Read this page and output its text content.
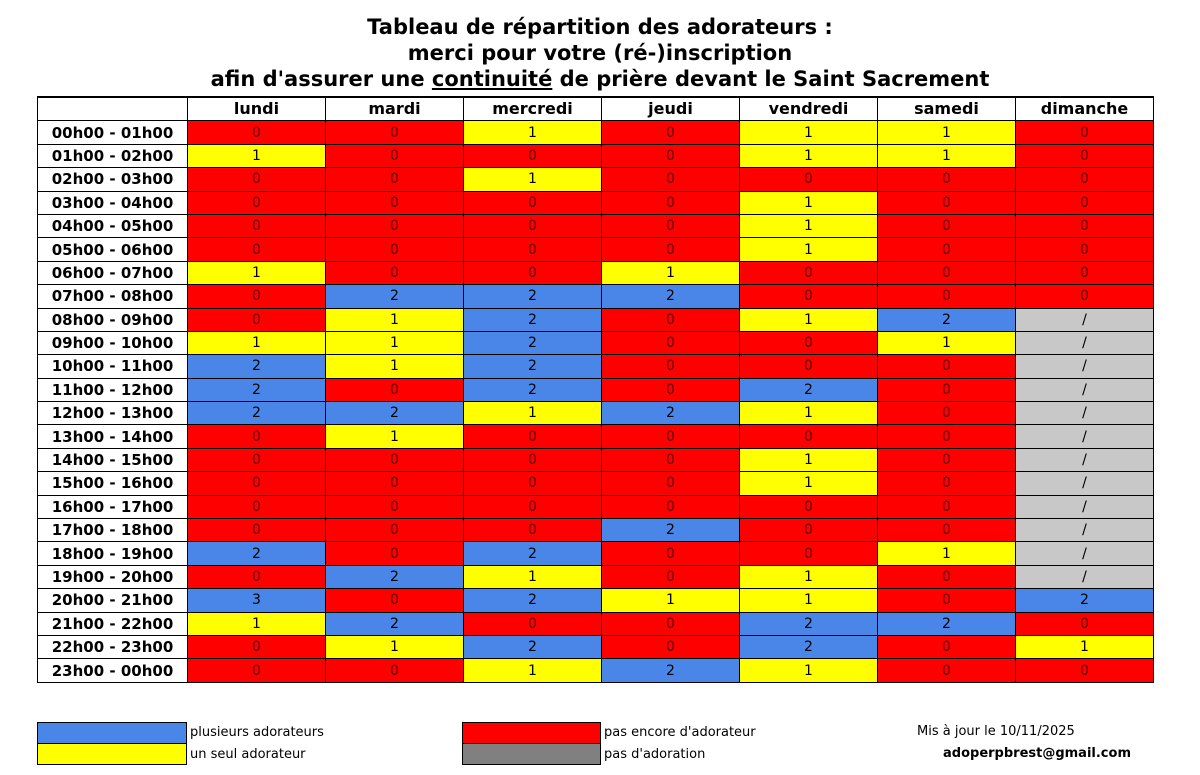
Tableau de répartition des adorateurs :
merci pour votre (ré-)inscription
afin d'assurer une continuité de prière devant le Saint Sacrement
	lundi	mardi	mercredi	jeudi	vendredi	samedi	dimanche
00h00 - 01h00	0	0	1	0	1	1	0
01h00 - 02h00	1	0	0	0	1	1	0
02h00 - 03h00	0	0	1	0	0	0	0
03h00 - 04h00	0	0	0	0	1	0	0
04h00 - 05h00	0	0	0	0	1	0	0
05h00 - 06h00	0	0	0	0	1	0	0
06h00 - 07h00	1	0	0	1	0	0	0
07h00 - 08h00	0	2	2	2	0	0	0
08h00 - 09h00	0	1	2	0	1	2	/
09h00 - 10h00	1	1	2	0	0	1	/
10h00 - 11h00	2	1	2	0	0	0	/
11h00 - 12h00	2	0	2	0	2	0	/
12h00 - 13h00	2	2	1	2	1	0	/
13h00 - 14h00	0	1	0	0	0	0	/
14h00 - 15h00	0	0	0	0	1	0	/
15h00 - 16h00	0	0	0	0	1	0	/
16h00 - 17h00	0	0	0	0	0	0	/
17h00 - 18h00	0	0	0	2	0	0	/
18h00 - 19h00	2	0	2	0	0	1	/
19h00 - 20h00	0	2	1	0	1	0	/
20h00 - 21h00	3	0	2	1	1	0	2
21h00 - 22h00	1	2	0	0	2	2	0
22h00 - 23h00	0	1	2	0	2	0	1
23h00 - 00h00	0	0	1	2	1	0	0
plusieurs adorateurs
un seul adorateur
pas encore d'adorateur
pas d'adoration
Mis à jour le 10/11/2025
adoperpbrest@gmail.com
